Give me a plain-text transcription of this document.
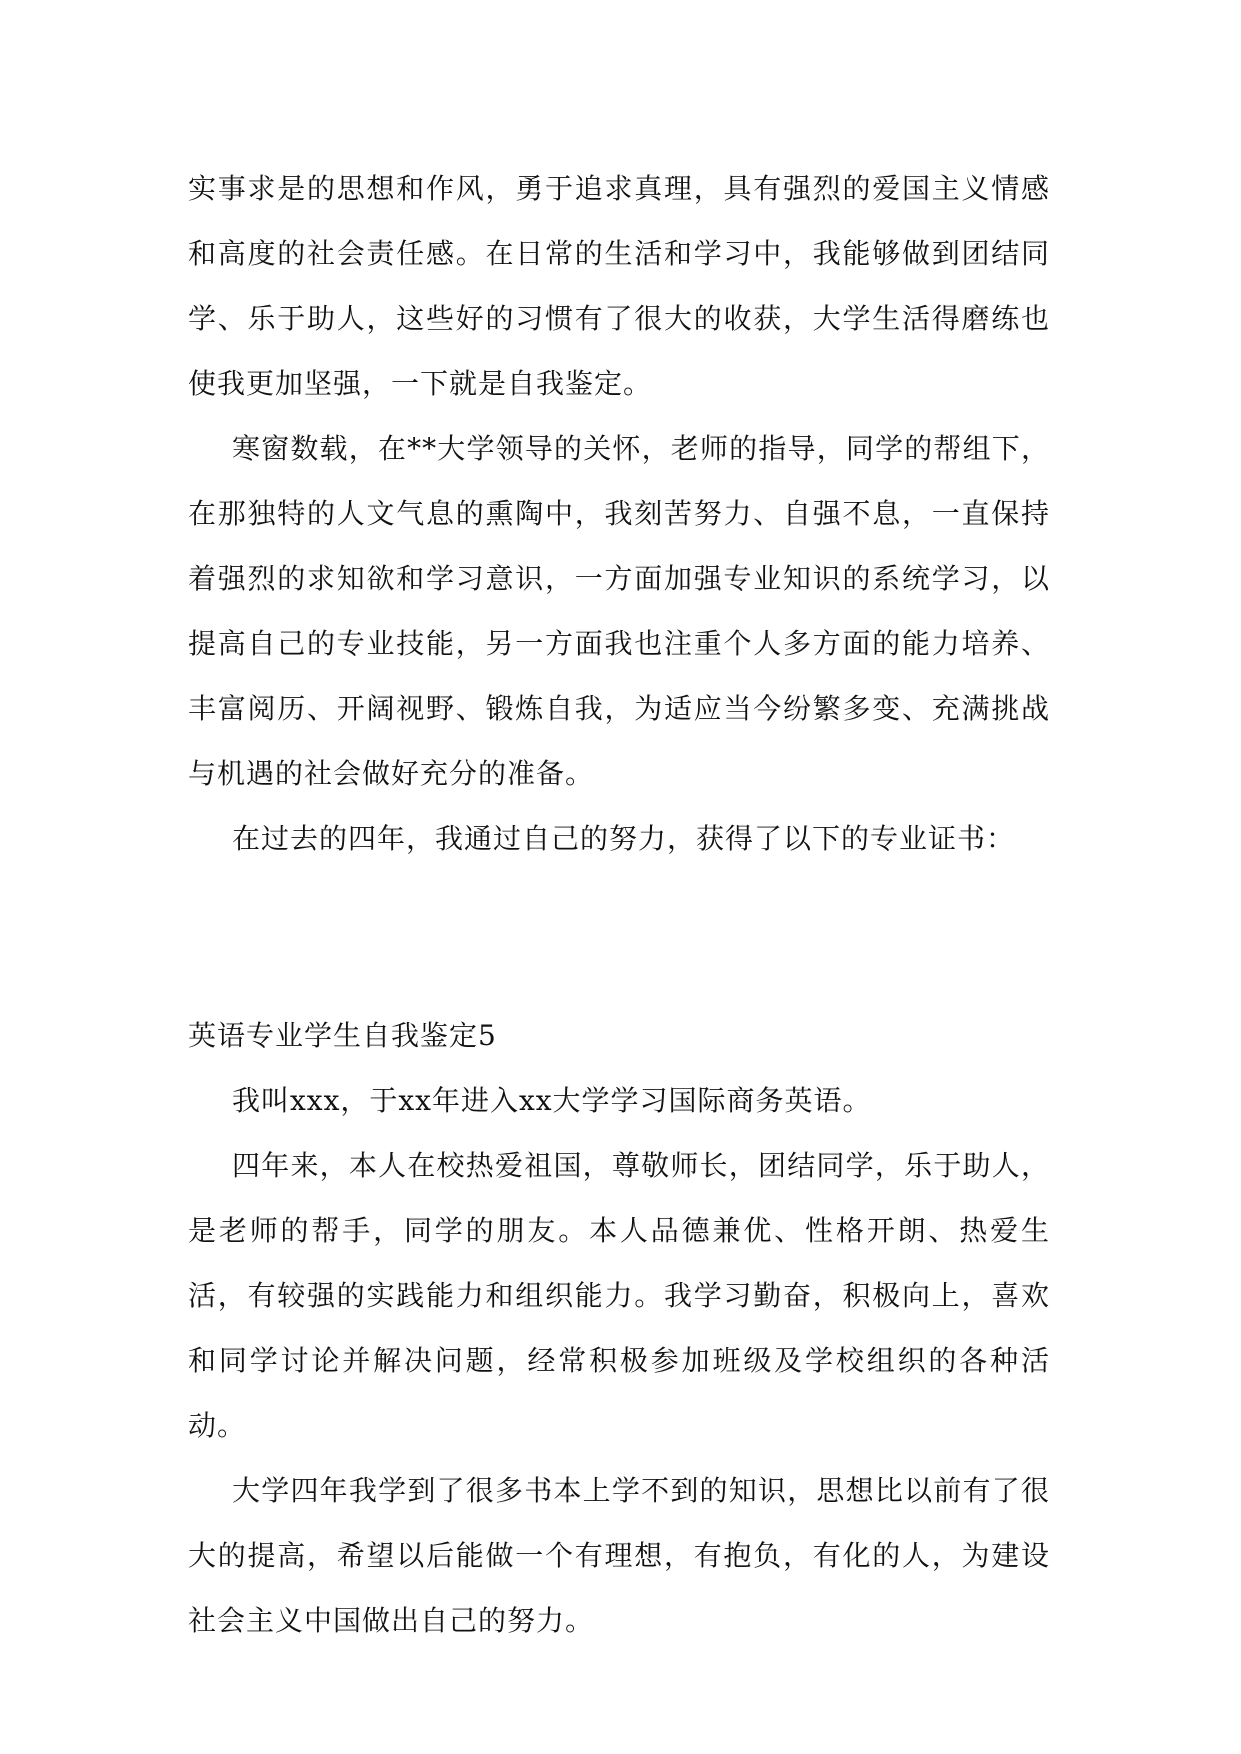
实事求是的思想和作风，勇于追求真理，具有强烈的爱国主义情感和高度的社会责任感。在日常的生活和学习中，我能够做到团结同学、乐于助人，这些好的习惯有了很大的收获，大学生活得磨练也使我更加坚强，一下就是自我鉴定。

寒窗数载，在**大学领导的关怀，老师的指导，同学的帮组下，在那独特的人文气息的熏陶中，我刻苦努力、自强不息，一直保持着强烈的求知欲和学习意识，一方面加强专业知识的系统学习，以提高自己的专业技能，另一方面我也注重个人多方面的能力培养、丰富阅历、开阔视野、锻炼自我，为适应当今纷繁多变、充满挑战与机遇的社会做好充分的准备。

在过去的四年，我通过自己的努力，获得了以下的专业证书：

英语专业学生自我鉴定5

我叫xxx，于xx年进入xx大学学习国际商务英语。

四年来，本人在校热爱祖国，尊敬师长，团结同学，乐于助人，是老师的帮手，同学的朋友。本人品德兼优、性格开朗、热爱生活，有较强的实践能力和组织能力。我学习勤奋，积极向上，喜欢和同学讨论并解决问题，经常积极参加班级及学校组织的各种活动。

大学四年我学到了很多书本上学不到的知识，思想比以前有了很大的提高，希望以后能做一个有理想，有抱负，有化的人，为建设社会主义中国做出自己的努力。
